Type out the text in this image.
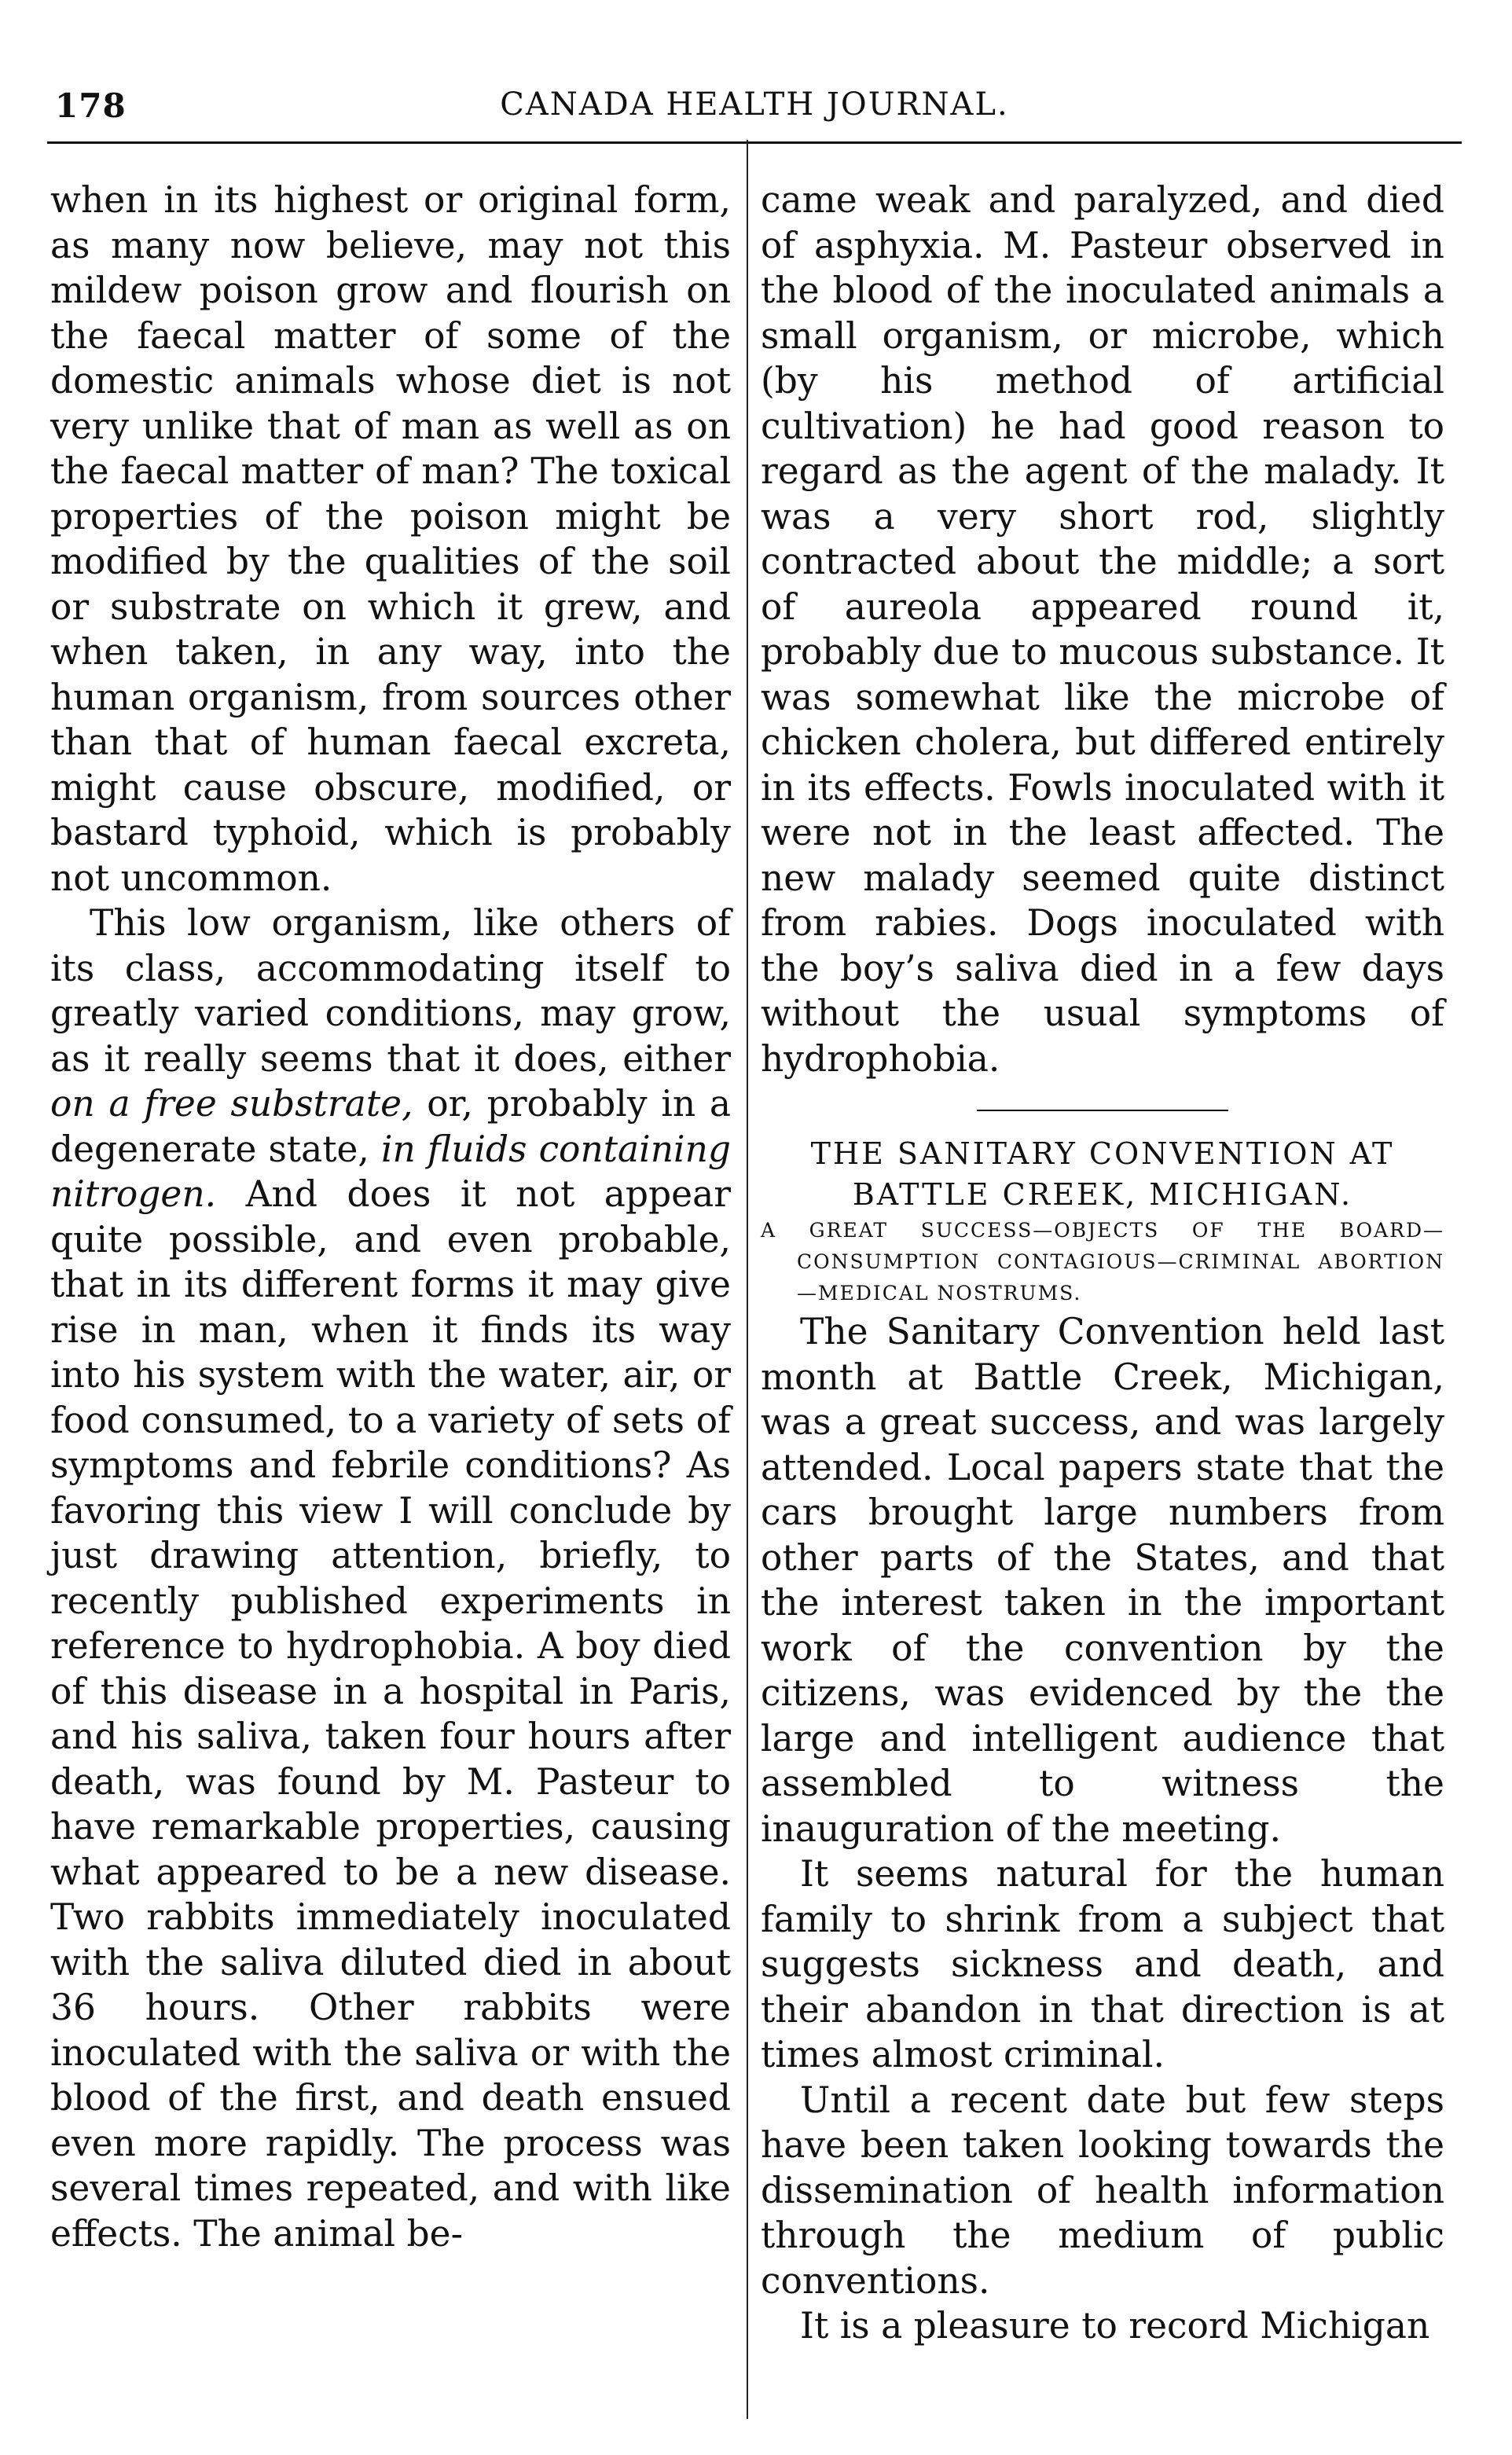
178	CANADA HEALTH JOURNAL.

when in its highest or original form, as many now believe, may not this mildew poison grow and flourish on the faecal matter of some of the domestic animals whose diet is not very unlike that of man as well as on the faecal matter of man? The toxical properties of the poison might be modified by the qualities of the soil or substrate on which it grew, and when taken, in any way, into the human organism, from sources other than that of human faecal excreta, might cause obscure, modified, or bastard typhoid, which is probably not uncommon.

This low organism, like others of its class, accommodating itself to greatly varied conditions, may grow, as it really seems that it does, either on a free substrate, or, probably in a degenerate state, in fluids containing nitrogen. And does it not appear quite possible, and even probable, that in its different forms it may give rise in man, when it finds its way into his system with the water, air, or food consumed, to a variety of sets of symptoms and febrile conditions? As favoring this view I will conclude by just drawing attention, briefly, to recently published experiments in reference to hydrophobia. A boy died of this disease in a hospital in Paris, and his saliva, taken four hours after death, was found by M. Pasteur to have remarkable properties, causing what appeared to be a new disease. Two rabbits immediately inoculated with the saliva diluted died in about 36 hours. Other rabbits were inoculated with the saliva or with the blood of the first, and death ensued even more rapidly. The process was several times repeated, and with like effects. The animal be-

came weak and paralyzed, and died of asphyxia. M. Pasteur observed in the blood of the inoculated animals a small organism, or microbe, which (by his method of artificial cultivation) he had good reason to regard as the agent of the malady. It was a very short rod, slightly contracted about the middle; a sort of aureola appeared round it, probably due to mucous substance. It was somewhat like the microbe of chicken cholera, but differed entirely in its effects. Fowls inoculated with it were not in the least affected. The new malady seemed quite distinct from rabies. Dogs inoculated with the boy’s saliva died in a few days without the usual symptoms of hydrophobia.

THE SANITARY CONVENTION AT BATTLE CREEK, MICHIGAN.

A GREAT SUCCESS—OBJECTS OF THE BOARD—CONSUMPTION CONTAGIOUS—CRIMINAL ABORTION—MEDICAL NOSTRUMS.

The Sanitary Convention held last month at Battle Creek, Michigan, was a great success, and was largely attended. Local papers state that the cars brought large numbers from other parts of the States, and that the interest taken in the important work of the convention by the citizens, was evidenced by the the large and intelligent audience that assembled to witness the inauguration of the meeting.

It seems natural for the human family to shrink from a subject that suggests sickness and death, and their abandon in that direction is at times almost criminal.

Until a recent date but few steps have been taken looking towards the dissemination of health information through the medium of public conventions.

It is a pleasure to record Michigan
